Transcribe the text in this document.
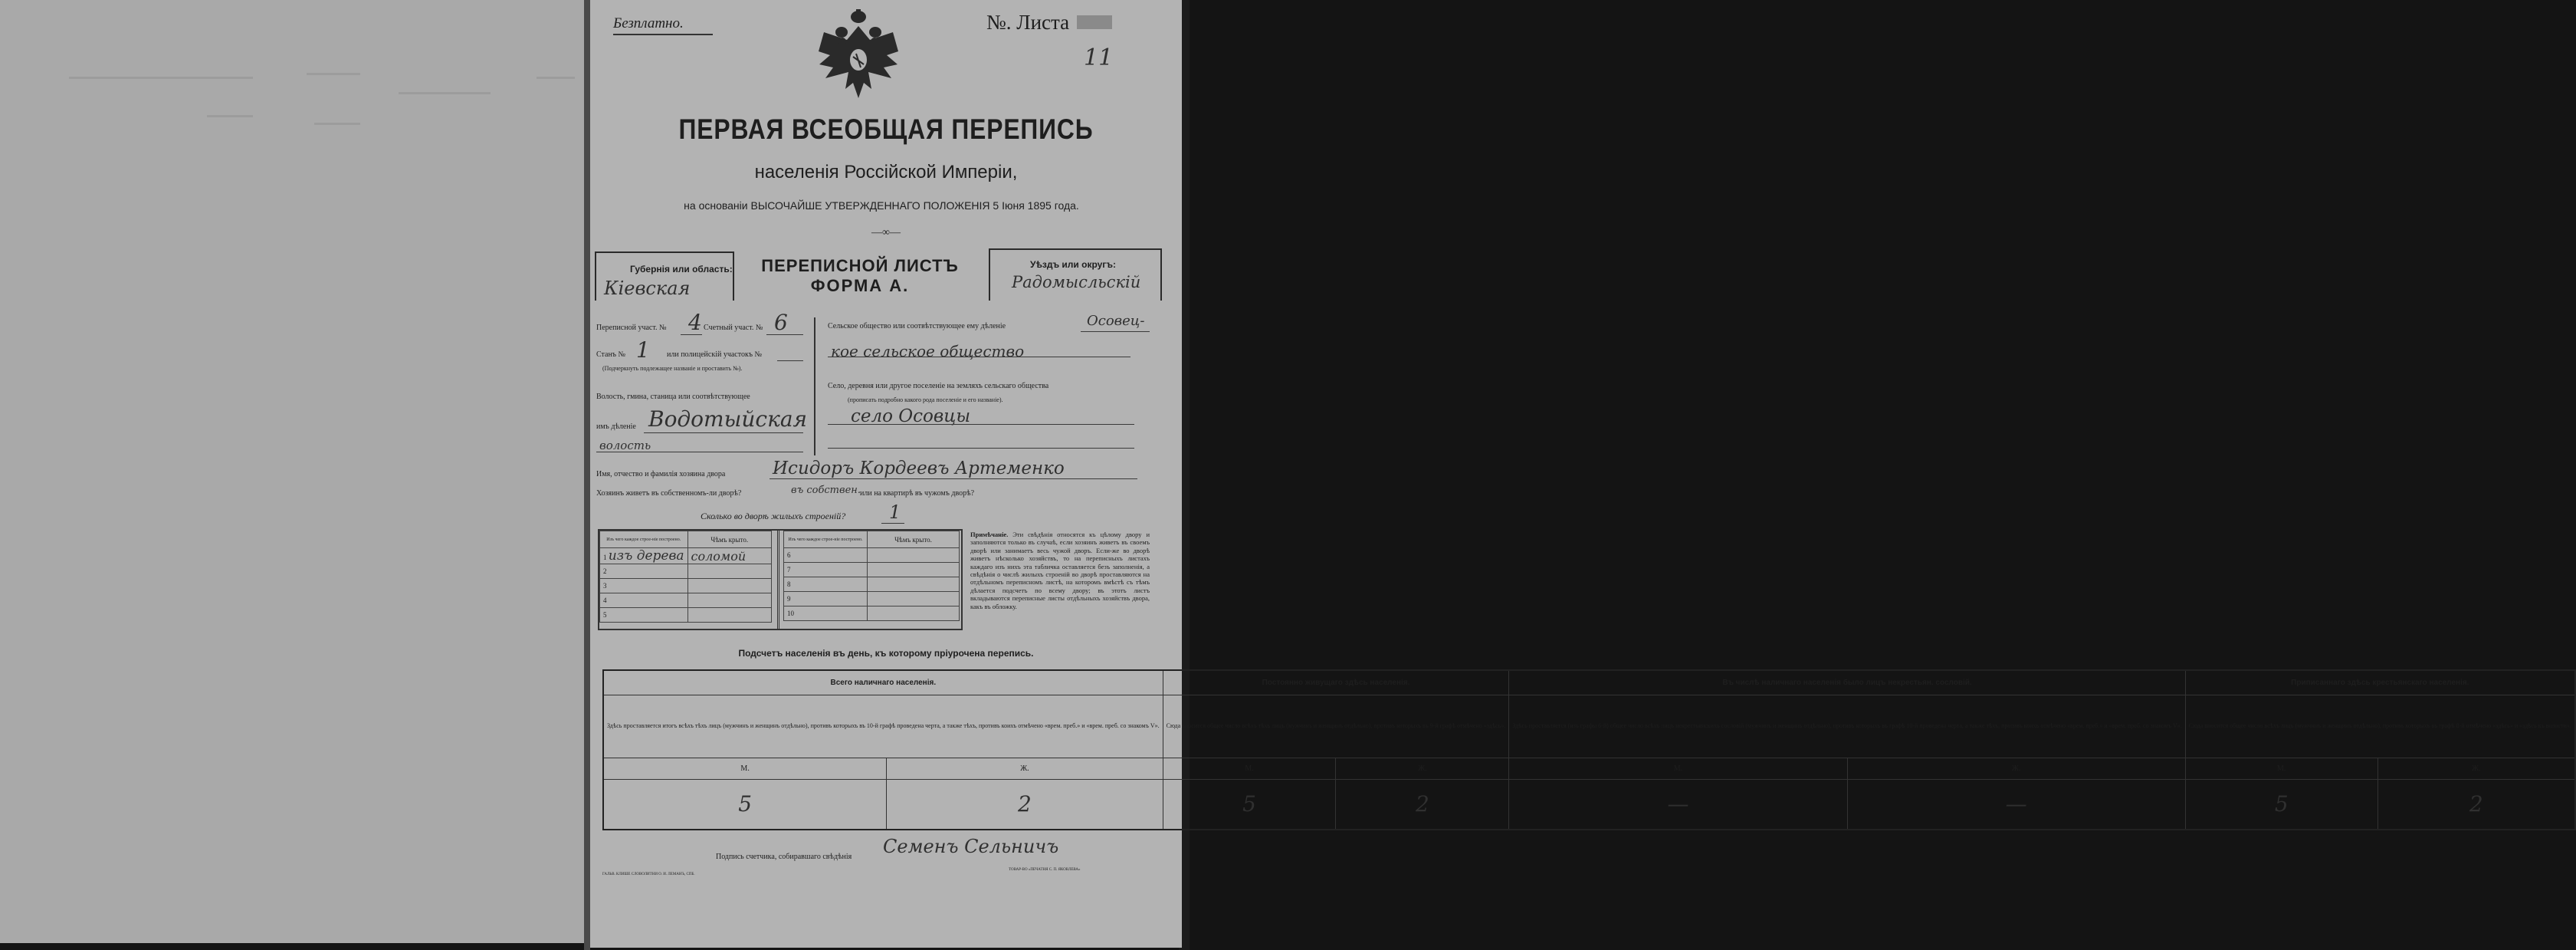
Безплатно.	№. Листа
11
ПЕРВАЯ ВСЕОБЩАЯ ПЕРЕПИСЬ
населенія Россійской Имперіи,
на основаніи ВЫСОЧАЙШЕ УТВЕРЖДЕННАГО ПОЛОЖЕНІЯ 5 Іюня 1895 года.
—∞—
Губернія или область:
Кіевская
ПЕРЕПИСНОЙ ЛИСТЪ
ФОРМА А.
Уѣздъ или округъ:
Радомысльскій
Переписной участ. № 4 Счетный участ. № 6
Станъ № 1 или полицейскій участокъ №
(Подчеркнуть подлежащее названіе и проставить №).
Волость, гмина, станица или соотвѣтствующее
имъ дѣленіе Водотыйская
волость
Сельское общество или соотвѣтствующее ему дѣленіе	Осовец-
кое сельское общество
Село, деревня или другое поселеніе на земляхъ сельскаго общества
(прописать подробно какого рода поселеніе и его названіе).
село Осовцы
Имя, отчество и фамилія хозяина двора	Исидоръ Кордеевъ Артеменко
Хозяинъ живетъ въ собственномъ-ли дворѣ?	въ собствен. или на квартирѣ въ чужомъ дворѣ?
Сколько во дворѣ жилыхъ строеній? 1
Изъ чего каждое строе-ніе построено.	Чѣмъ крыто.
1 изъ дерева	соломой
2	
3	
4	
5	
Изъ чего каждое строе-ніе построено.	Чѣмъ крыто.
6	
7	
8	
9	
10	
Примѣчаніе. Эти свѣдѣнія относятся къ цѣлому двору и заполняются только въ случаѣ, если хозяинъ живетъ въ своемъ дворѣ или занимаетъ весь чужой дворъ. Если-же во дворѣ живетъ нѣсколько хозяйствъ, то на переписныхъ листахъ каждаго изъ нихъ эта табличка оставляется безъ заполненія, а свѣдѣнія о числѣ жилыхъ строеній во дворѣ проставляются на отдѣльномъ переписномъ листѣ, на которомъ вмѣстѣ съ тѣмъ дѣлается подсчетъ по всему двору; въ этотъ листъ вкладываются переписные листы отдѣльныхъ хозяйствъ двора, какъ въ обложку.
Подсчетъ населенія въ день, къ которому пріурочена перепись.
Всего наличнаго населенія.		Постоянно живущаго здѣсь населенія.		Въ числѣ наличнаго населенія было лицъ некрестьян. сословій.		Приписаннаго здѣсь крестьянскаго населенія.	
Здѣсь проставляется итогъ всѣхъ тѣхъ лицъ (мужчинъ и женщинъ отдѣльно), противъ которыхъ въ 10-й графѣ проведена черта, а также тѣхъ, противъ коихъ отмѣчено «врем. преб.» и «врем. преб. со знакомъ V».		Сюда вносится общее число всѣхъ тѣхъ лицъ (мужчинъ и женщинъ отдѣльно), противъ которыхъ въ 9-й графѣ отмѣчено «здѣсь».		Здѣсь проставляется (изъ графы 6-й) общее число всѣхъ лицъ некрестьянскихъ сословій (мужчинъ и женщинъ отдѣльно), противъ которыхъ въ графѣ 10-й проведена черта, а также тѣхъ, противъ коихъ отмѣчено «врем. преб.» и «врем. преб. со знакомъ V».		Сюда вносится общее число всѣхъ лицъ (мужчинъ и женщинъ отдѣльно), противъ которыхъ въ графѣ 8-й отмѣчено «здѣсь» и «здѣсь къ волости».	
М.	Ж.	М.	Ж.	М.	Ж.	М.	Ж.
5	2	5	2	—	—	5	2
Подпись счетчика, собиравшаго свѣдѣнія Семенъ Сельничъ
ГАЛЬВ. КЛИШЕ СЛОВОЛИТНИ О. И. ЛЕМАНЪ, СПБ.
ТОВАР-ВО «ПЕЧАТНЯ С. П. ЯКОВЛЕВА»
